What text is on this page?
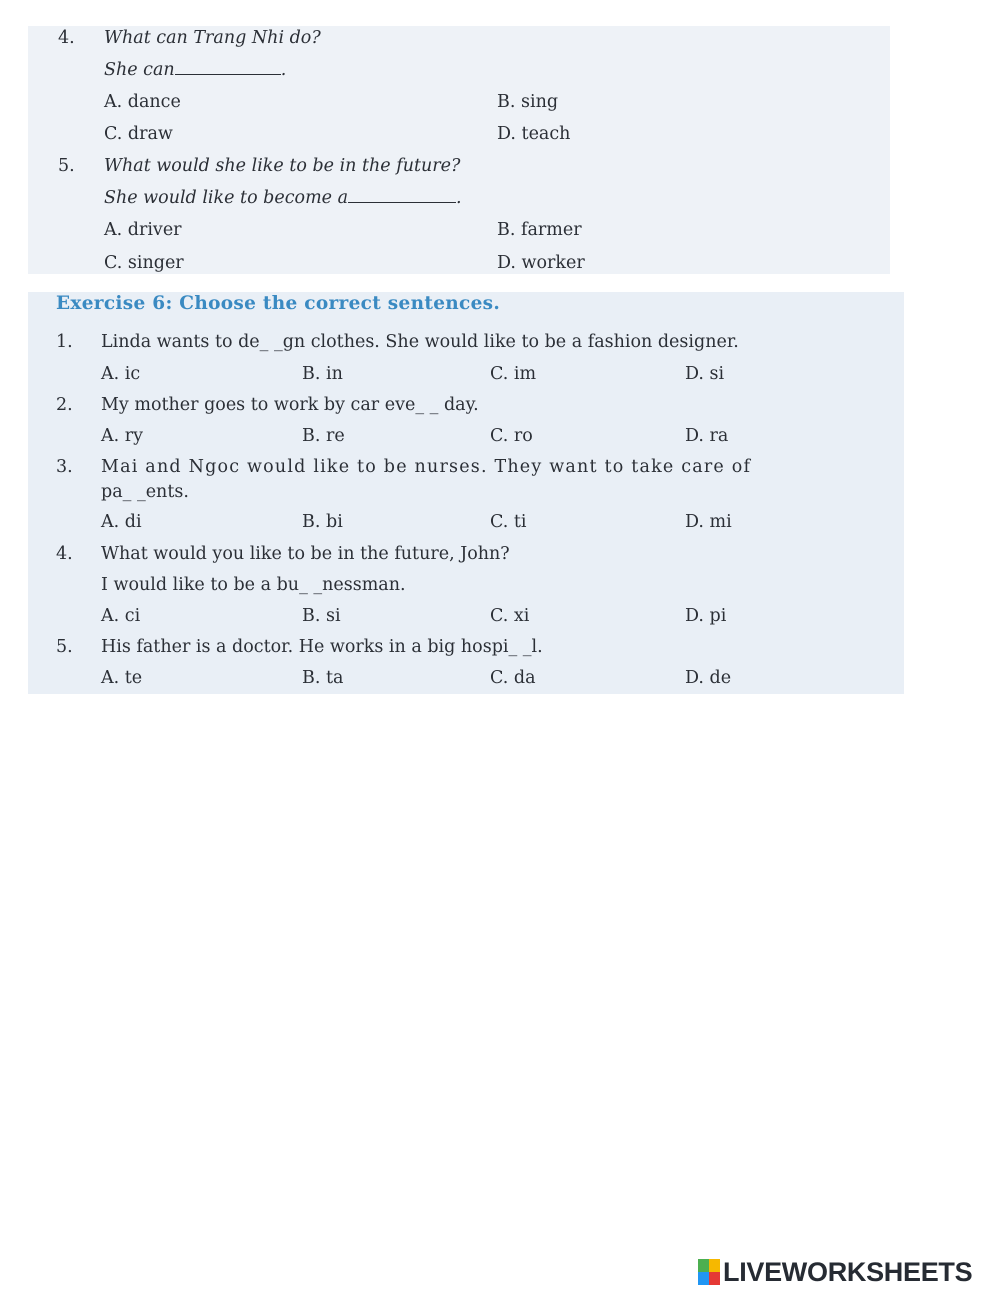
4. What can Trang Nhi do?
She can	.
A. dance	B. sing
C. draw	D. teach
5. What would she like to be in the future?
She would like to become a	.
A. driver	B. farmer
C. singer	D. worker
Exercise 6: Choose the correct sentences.
1. Linda wants to de_ _gn clothes. She would like to be a fashion designer.
A. ic	B. in	C. im	D. si
2. My mother goes to work by car eve_ _ day.
A. ry	B. re	C. ro	D. ra
3. Mai and Ngoc would like to be nurses. They want to take care of
pa_ _ents.
A. di	B. bi	C. ti	D. mi
4. What would you like to be in the future, John?
I would like to be a bu_ _nessman.
A. ci	B. si	C. xi	D. pi
5. His father is a doctor. He works in a big hospi_ _l.
A. te	B. ta	C. da	D. de
LIVEWORKSHEETS
